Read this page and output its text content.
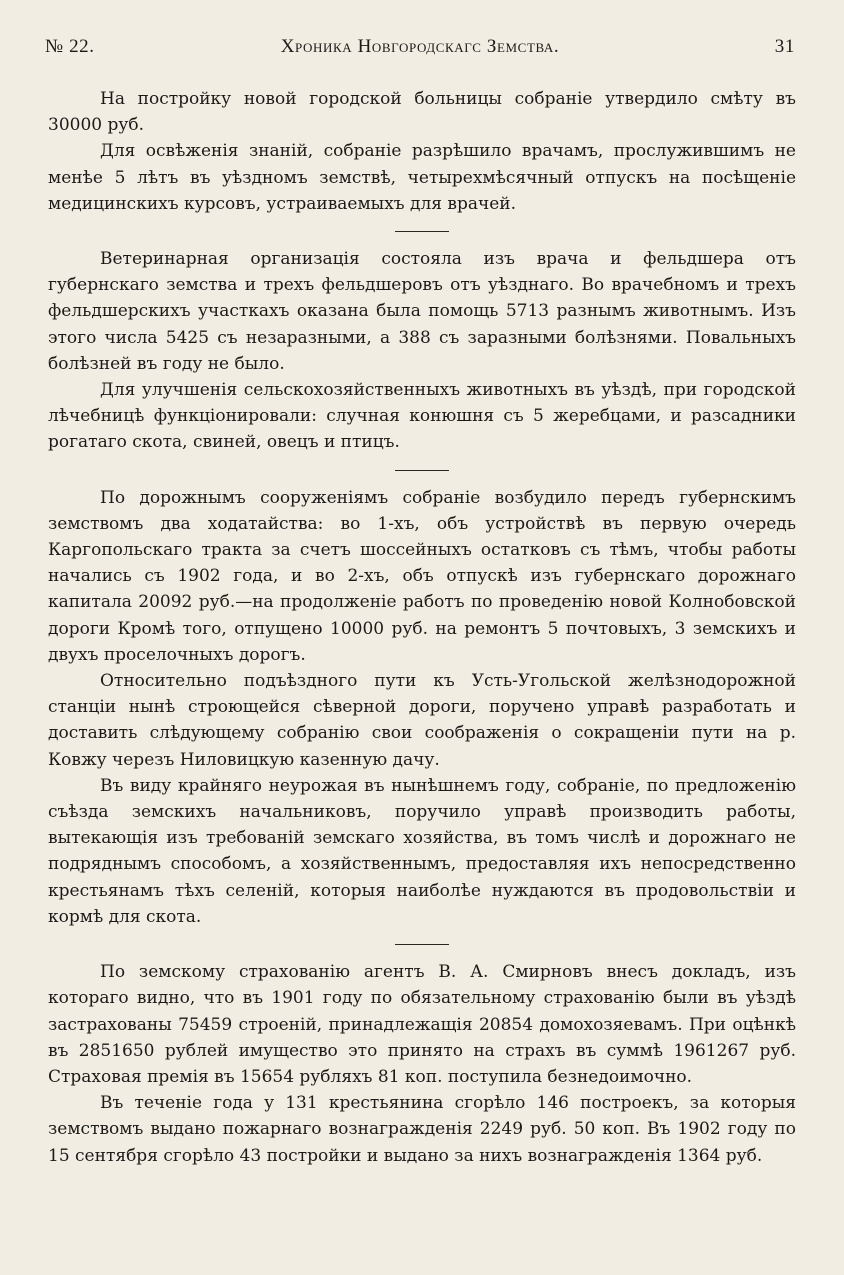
№ 22.	Хроника Новгородскагс Земства.	31

На постройку новой городской больницы собраніе утвердило смѣту въ 30000 руб.

Для освѣженія знаній, собраніе разрѣшило врачамъ, прослужившимъ не менѣе 5 лѣтъ въ уѣздномъ земствѣ, четырехмѣсячный отпускъ на посѣщеніе медицинскихъ курсовъ, устраиваемыхъ для врачей.

Ветеринарная организація состояла изъ врача и фельдшера отъ губернскаго земства и трехъ фельдшеровъ отъ уѣзднаго. Во врачебномъ и трехъ фельдшерскихъ участкахъ оказана была помощь 5713 разнымъ животнымъ. Изъ этого числа 5425 съ незаразными, а 388 съ заразными болѣзнями. Повальныхъ болѣзней въ году не было.

Для улучшенія сельскохозяйственныхъ животныхъ въ уѣздѣ, при городской лѣчебницѣ функціонировали: случная конюшня съ 5 жеребцами, и разсадники рогатаго скота, свиней, овецъ и птицъ.

По дорожнымъ сооруженіямъ собраніе возбудило передъ губернскимъ земствомъ два ходатайства: во 1-хъ, объ устройствѣ въ первую очередь Каргопольскаго тракта за счетъ шоссейныхъ остатковъ съ тѣмъ, чтобы работы начались съ 1902 года, и во 2-хъ, объ отпускѣ изъ губернскаго дорожнаго капитала 20092 руб.—на продолженіе работъ по проведенію новой Колнобовской дороги Кромѣ того, отпущено 10000 руб. на ремонтъ 5 почтовыхъ, 3 земскихъ и двухъ проселочныхъ дорогъ.

Относительно подъѣздного пути къ Усть-Угольской желѣзнодорожной станціи нынѣ строющейся сѣверной дороги, поручено управѣ разработать и доставить слѣдующему собранію свои соображенія о сокращеніи пути на р. Ковжу черезъ Ниловицкую казенную дачу.

Въ виду крайняго неурожая въ нынѣшнемъ году, собраніе, по предложенію съѣзда земскихъ начальниковъ, поручило управѣ производить работы, вытекающія изъ требованій земскаго хозяйства, въ томъ числѣ и дорожнаго не подряднымъ способомъ, а хозяйственнымъ, предоставляя ихъ непосредственно крестьянамъ тѣхъ селеній, которыя наиболѣе нуждаются въ продовольствіи и кормѣ для скота.

По земскому страхованію агентъ В. А. Смирновъ внесъ докладъ, изъ котораго видно, что въ 1901 году по обязательному страхованію были въ уѣздѣ застрахованы 75459 строеній, принадлежащія 20854 домохозяевамъ. При оцѣнкѣ въ 2851650 рублей имущество это принято на страхъ въ суммѣ 1961267 руб. Страховая премія въ 15654 рубляхъ 81 коп. поступила безнедоимочно.

Въ теченіе года у 131 крестьянина сгорѣло 146 построекъ, за которыя земствомъ выдано пожарнаго вознагражденія 2249 руб. 50 коп. Въ 1902 году по 15 сентября сгорѣло 43 постройки и выдано за нихъ вознагражденія 1364 руб.
